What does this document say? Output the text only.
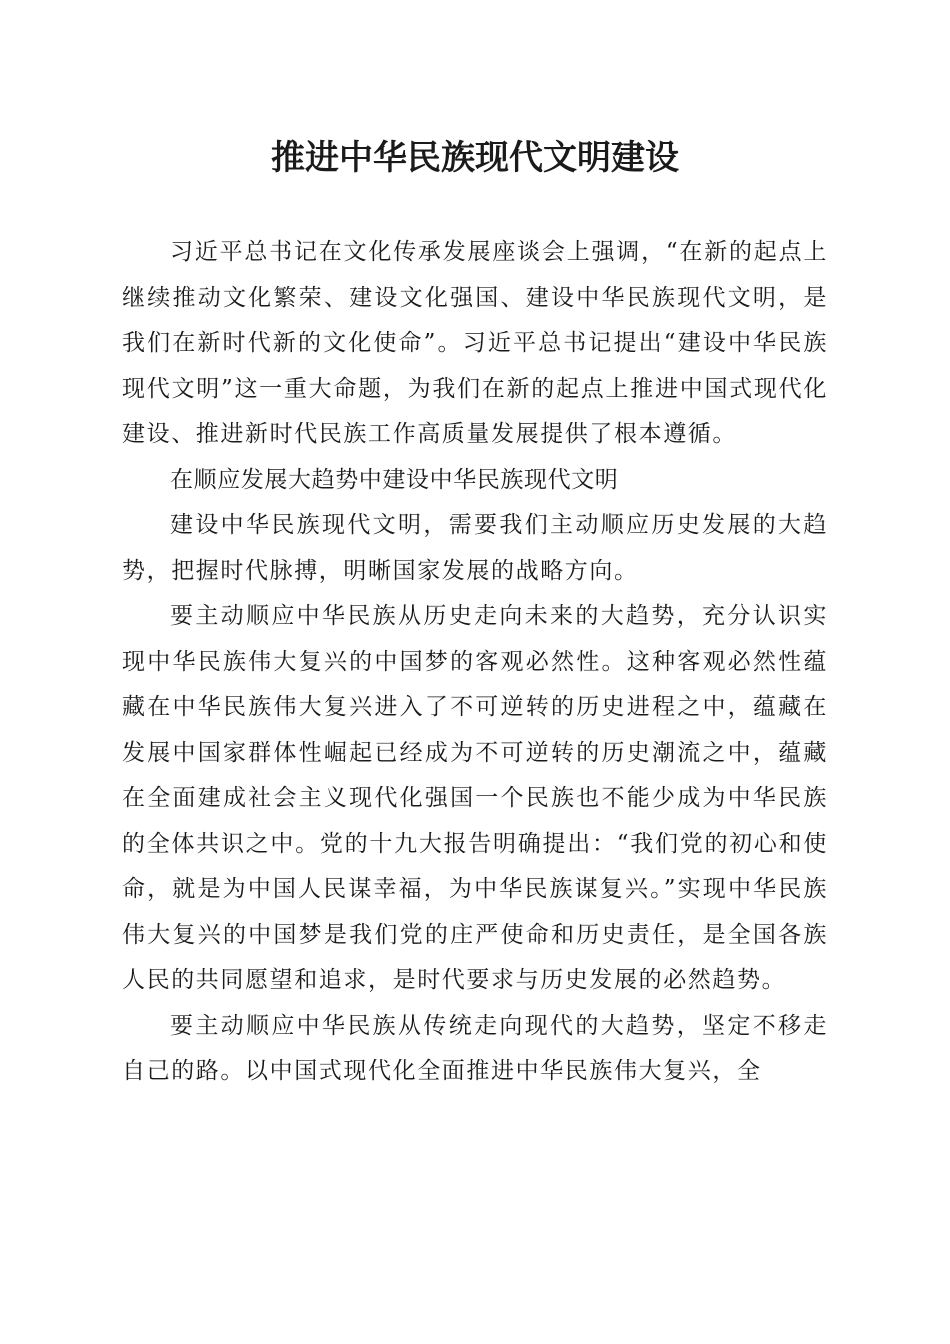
推进中华民族现代文明建设

习近平总书记在文化传承发展座谈会上强调，“在新的起点上继续推动文化繁荣、建设文化强国、建设中华民族现代文明，是我们在新时代新的文化使命”。习近平总书记提出“建设中华民族现代文明”这一重大命题，为我们在新的起点上推进中国式现代化建设、推进新时代民族工作高质量发展提供了根本遵循。

在顺应发展大趋势中建设中华民族现代文明

建设中华民族现代文明，需要我们主动顺应历史发展的大趋势，把握时代脉搏，明晰国家发展的战略方向。

要主动顺应中华民族从历史走向未来的大趋势，充分认识实现中华民族伟大复兴的中国梦的客观必然性。这种客观必然性蕴藏在中华民族伟大复兴进入了不可逆转的历史进程之中，蕴藏在发展中国家群体性崛起已经成为不可逆转的历史潮流之中，蕴藏在全面建成社会主义现代化强国一个民族也不能少成为中华民族的全体共识之中。党的十九大报告明确提出：“我们党的初心和使命，就是为中国人民谋幸福，为中华民族谋复兴。”实现中华民族伟大复兴的中国梦是我们党的庄严使命和历史责任，是全国各族人民的共同愿望和追求，是时代要求与历史发展的必然趋势。

要主动顺应中华民族从传统走向现代的大趋势，坚定不移走自己的路。以中国式现代化全面推进中华民族伟大复兴，全
